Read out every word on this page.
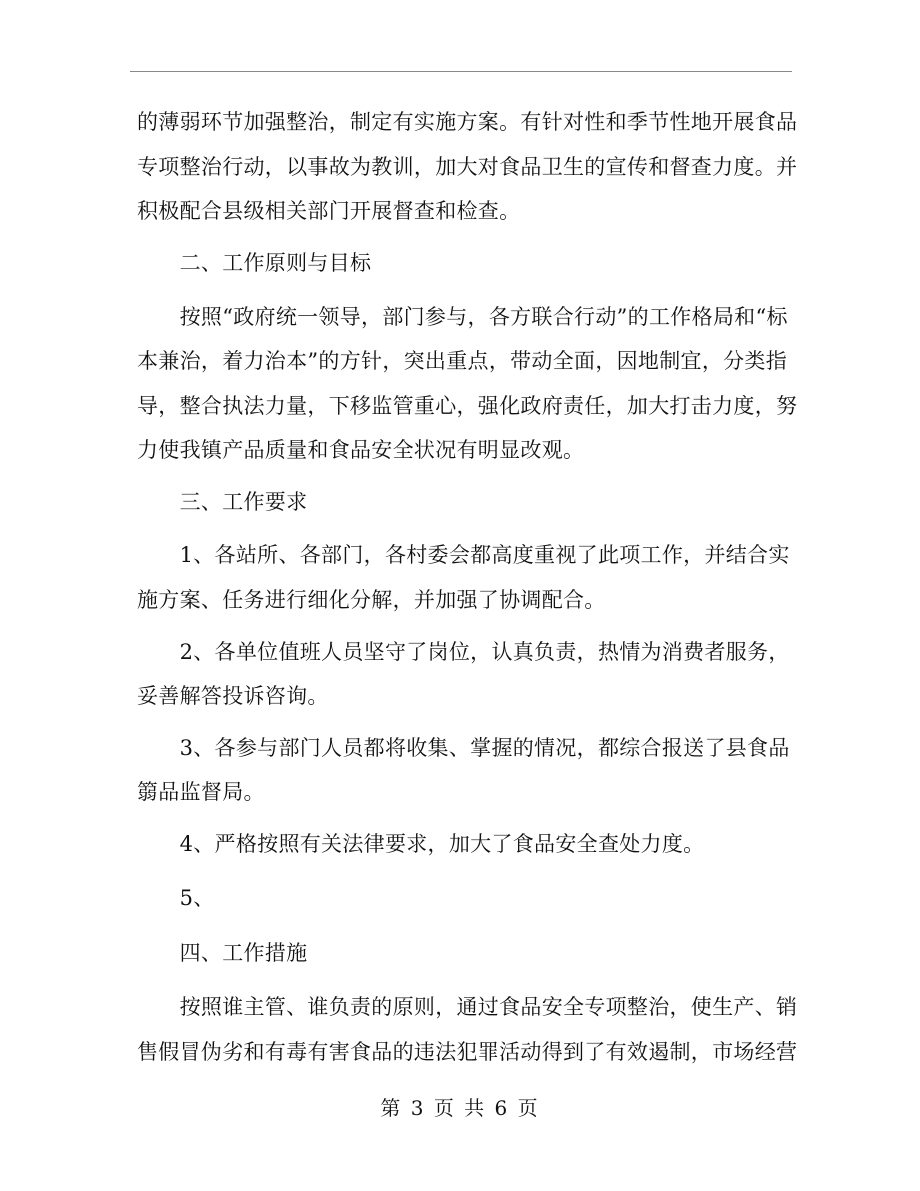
的薄弱环节加强整治，制定有实施方案。有针对性和季节性地开展食品
专项整治行动，以事故为教训，加大对食品卫生的宣传和督查力度。并
积极配合县级相关部门开展督查和检查。
　　二、工作原则与目标
　　按照“政府统一领导，部门参与，各方联合行动”的工作格局和“标
本兼治，着力治本”的方针，突出重点，带动全面，因地制宜，分类指
导，整合执法力量，下移监管重心，强化政府责任，加大打击力度，努
力使我镇产品质量和食品安全状况有明显改观。
　　三、工作要求
　　1、各站所、各部门，各村委会都高度重视了此项工作，并结合实
施方案、任务进行细化分解，并加强了协调配合。
　　2、各单位值班人员坚守了岗位，认真负责，热情为消费者服务，
妥善解答投诉咨询。
　　3、各参与部门人员都将收集、掌握的情况，都综合报送了县食品
篛品监督局。
　　4、严格按照有关法律要求，加大了食品安全查处力度。
　　5、
　　四、工作措施
　　按照谁主管、谁负责的原则，通过食品安全专项整治，使生产、销
售假冒伪劣和有毒有害食品的违法犯罪活动得到了有效遏制，市场经营
第 3 页 共 6 页
